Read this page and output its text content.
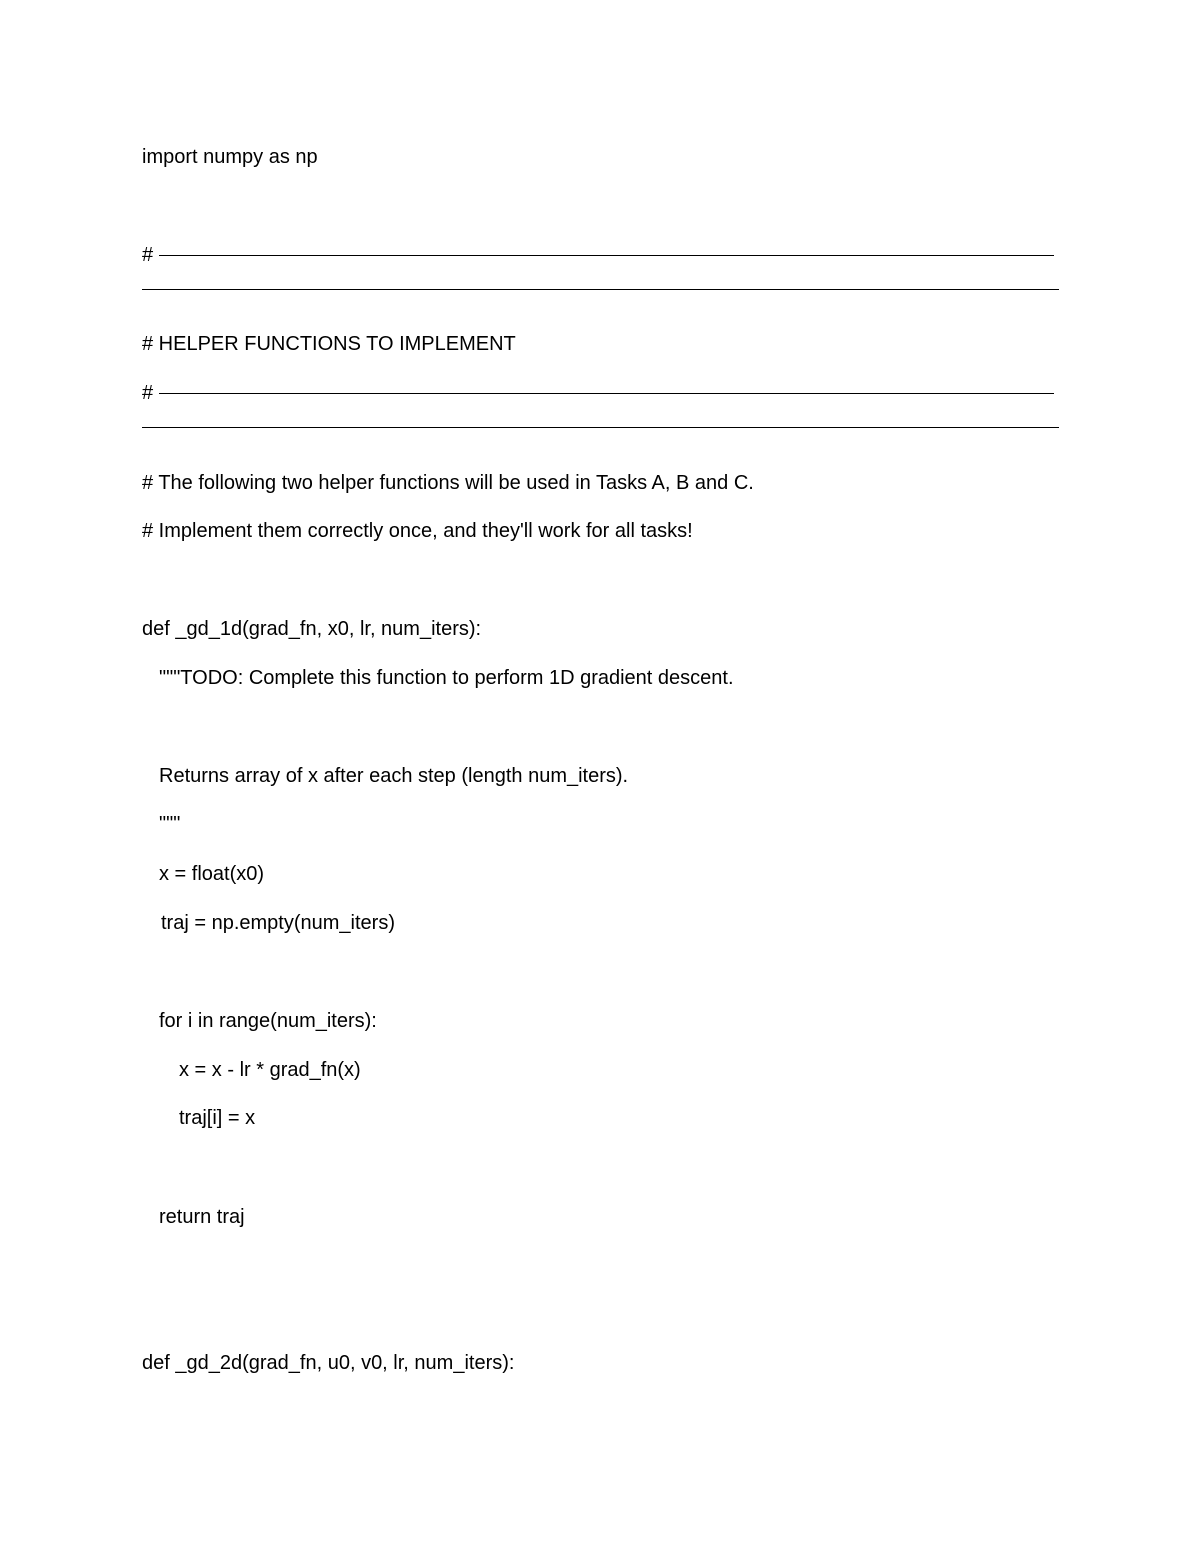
import numpy as np
#
# HELPER FUNCTIONS TO IMPLEMENT
#
# The following two helper functions will be used in Tasks A, B and C.
# Implement them correctly once, and they'll work for all tasks!
def _gd_1d(grad_fn, x0, lr, num_iters):
"""TODO: Complete this function to perform 1D gradient descent.
Returns array of x after each step (length num_iters).
"""
x = float(x0)
traj = np.empty(num_iters)
for i in range(num_iters):
x = x - lr * grad_fn(x)
traj[i] = x
return traj
def _gd_2d(grad_fn, u0, v0, lr, num_iters):
